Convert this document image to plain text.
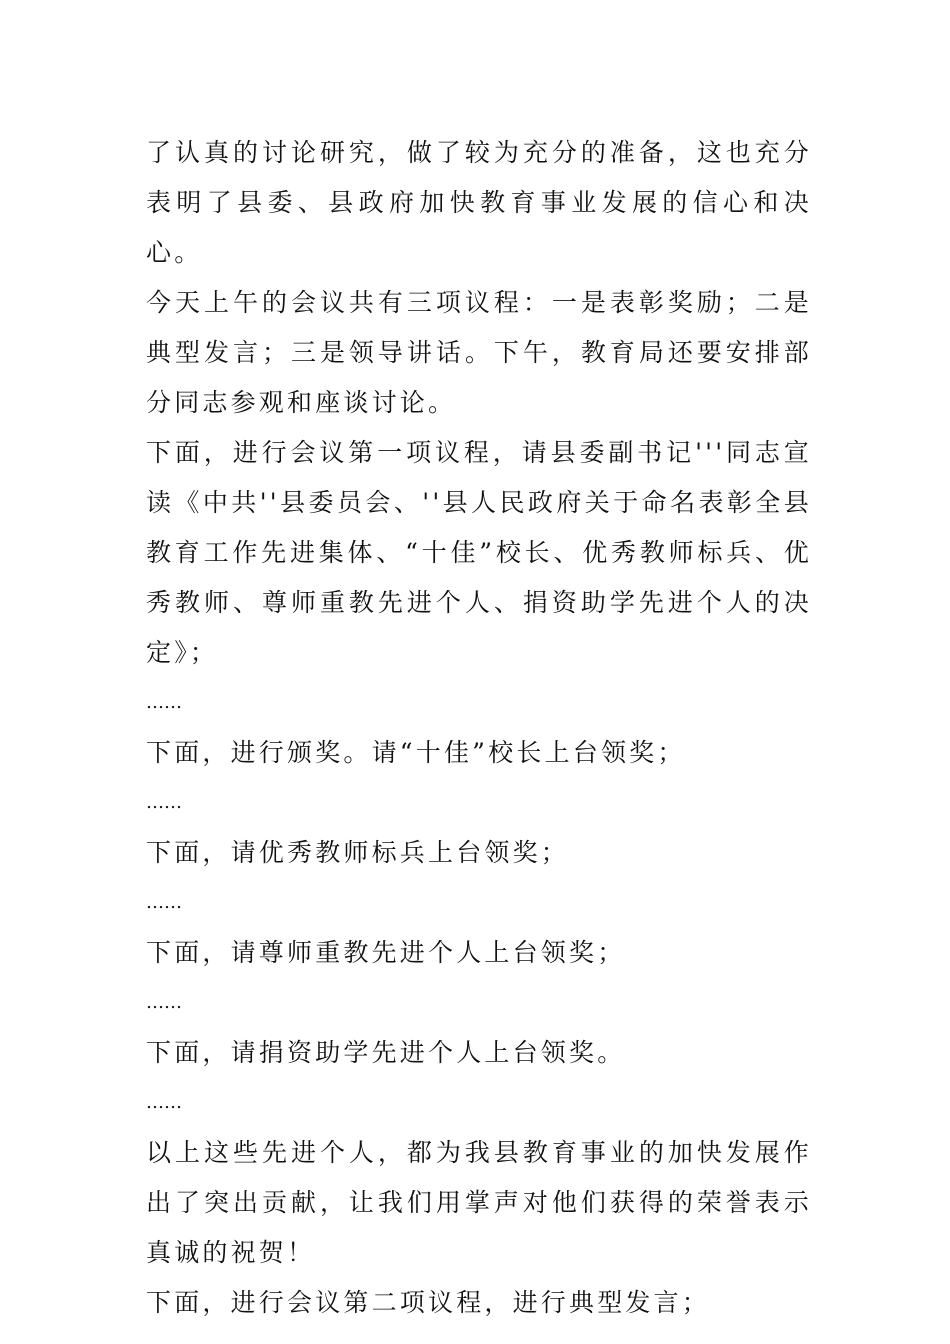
了认真的讨论研究，做了较为充分的准备，这也充分表明了县委、县政府加快教育事业发展的信心和决心。

今天上午的会议共有三项议程：一是表彰奖励；二是典型发言；三是领导讲话。下午，教育局还要安排部分同志参观和座谈讨论。

下面，进行会议第一项议程，请县委副书记'''同志宣读《中共''县委员会、''县人民政府关于命名表彰全县教育工作先进集体、“十佳”校长、优秀教师标兵、优秀教师、尊师重教先进个人、捐资助学先进个人的决定》；

……

下面，进行颁奖。请“十佳”校长上台领奖；

……

下面，请优秀教师标兵上台领奖；

……

下面，请尊师重教先进个人上台领奖；

……

下面，请捐资助学先进个人上台领奖。

……

以上这些先进个人，都为我县教育事业的加快发展作出了突出贡献，让我们用掌声对他们获得的荣誉表示真诚的祝贺！

下面，进行会议第二项议程，进行典型发言；
